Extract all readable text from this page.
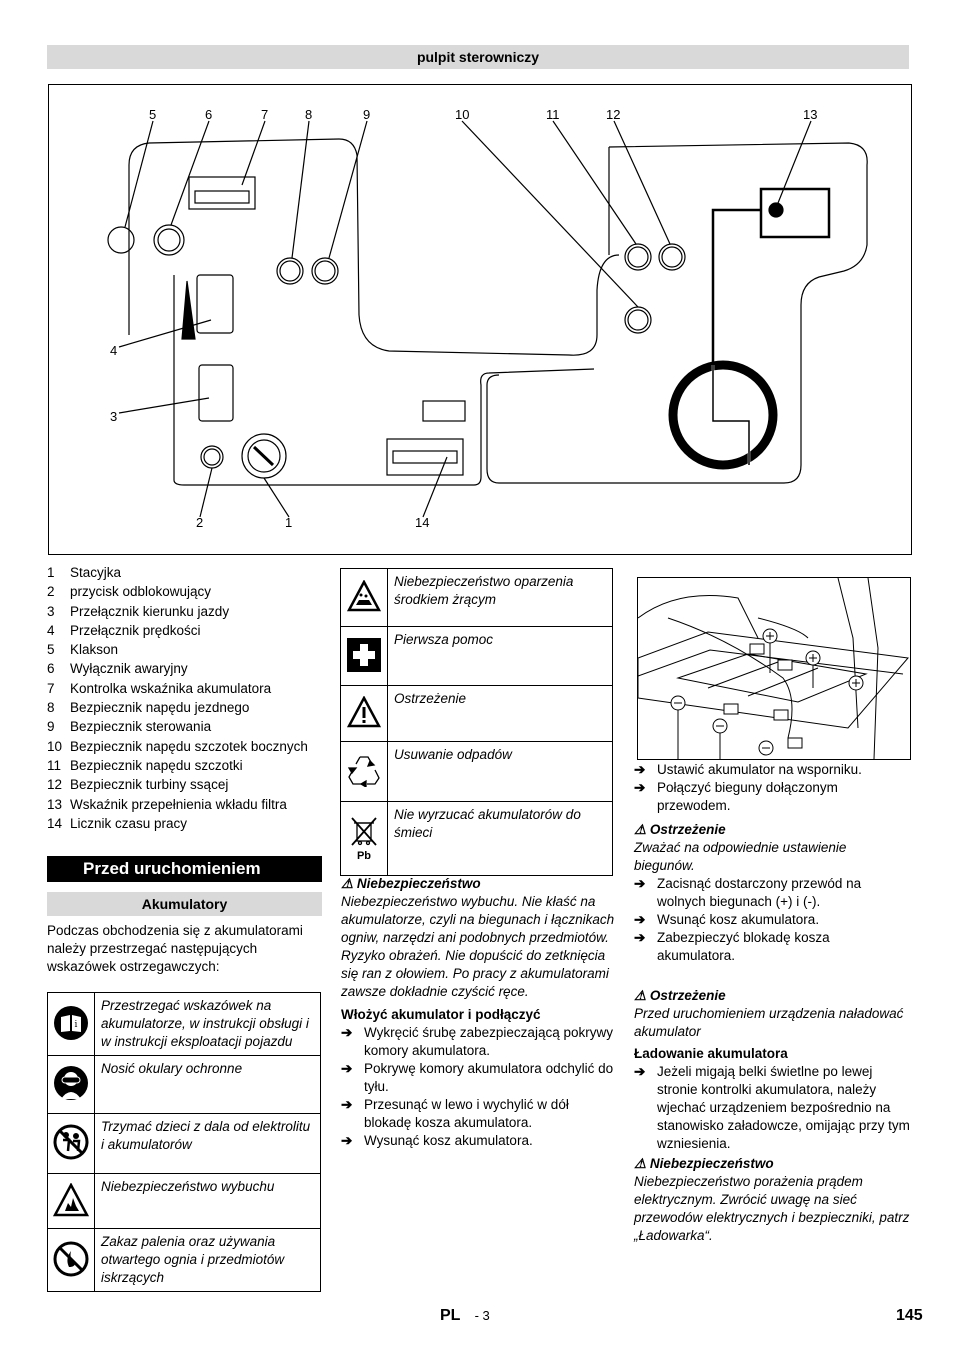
pulpit sterowniczy
5	6	7	8	9	10	11	12	13
4
3
2	1	14
1	Stacyjka
2	przycisk odblokowujący
3	Przełącznik kierunku jazdy
4	Przełącznik prędkości
5	Klakson
6	Wyłącznik awaryjny
7	Kontrolka wskaźnika akumulatora
8	Bezpiecznik napędu jezdnego
9	Bezpiecznik sterowania
10 Bezpiecznik napędu szczotek bocznych
11 Bezpiecznik napędu szczotki
12 Bezpiecznik turbiny ssącej
13 Wskaźnik przepełnienia wkładu filtra
14 Licznik czasu pracy
Przed uruchomieniem
Akumulatory
Podczas obchodzenia się z akumulatorami należy przestrzegać następujących wskazówek ostrzegawczych:
i	Przestrzegać wskazówek na akumulatorze, w instrukcji obsługi i w instrukcji eksploatacji pojazdu
	Nosić okulary ochronne
	Trzymać dzieci z dala od elektrolitu i akumulatorów
	Niebezpieczeństwo wybuchu
	Zakaz palenia oraz używania otwartego ognia i przedmiotów iskrzących
	Niebezpieczeństwo oparzenia środkiem żrącym
	Pierwsza pomoc
	Ostrzeżenie
	Usuwanie odpadów

Pb	Nie wyrzucać akumulatorów do śmieci
⚠ Niebezpieczeństwo
Niebezpieczeństwo wybuchu. Nie kłaść na akumulatorze, czyli na biegunach i łącznikach ogniw, narzędzi ani podobnych przedmiotów.
Ryzyko obrażeń. Nie dopuścić do zetknięcia się ran z ołowiem. Po pracy z akumulatorami zawsze dokładnie czyścić ręce.
Włożyć akumulator i podłączyć
➔ Wykręcić śrubę zabezpieczającą pokrywy komory akumulatora.
➔ Pokrywę komory akumulatora odchylić do tyłu.
➔ Przesunąć w lewo i wychylić w dół blokadę kosza akumulatora.
➔ Wysunąć kosz akumulatora.
➔ Ustawić akumulator na wsporniku.
➔ Połączyć bieguny dołączonym przewodem.
⚠ Ostrzeżenie
Zważać na odpowiednie ustawienie biegunów.
➔ Zacisnąć dostarczony przewód na wolnych biegunach (+) i (-).
➔ Wsunąć kosz akumulatora.
➔ Zabezpieczyć blokadę kosza akumulatora.
⚠ Ostrzeżenie
Przed uruchomieniem urządzenia naładować akumulator
Ładowanie akumulatora
➔ Jeżeli migają belki świetlne po lewej stronie kontrolki akumulatora, należy wjechać urządzeniem bezpośrednio na stanowisko załadowcze, omijając przy tym wzniesienia.
⚠ Niebezpieczeństwo
Niebezpieczeństwo porażenia prądem elektrycznym. Zwrócić uwagę na sieć przewodów elektrycznych i bezpieczniki, patrz „Ładowarka“.
PL - 3	145
